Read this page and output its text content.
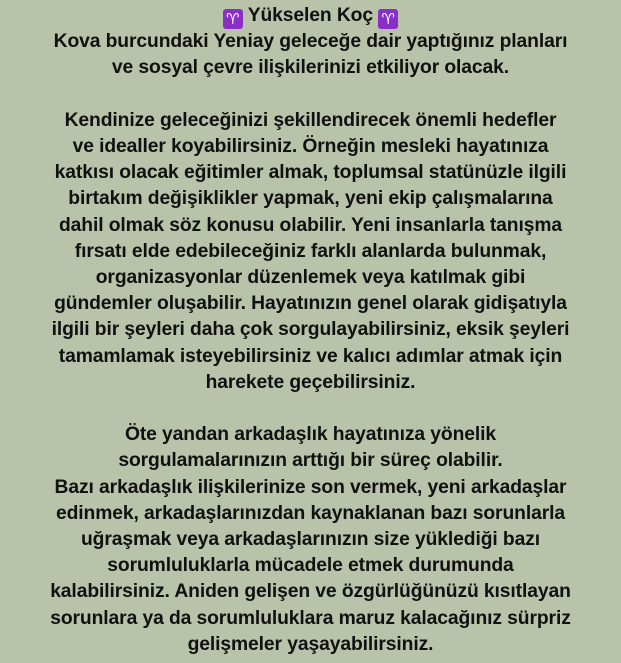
♈ Yükselen Koç ♈
Kova burcundaki Yeniay geleceğe dair yaptığınız planları
ve sosyal çevre ilişkilerinizi etkiliyor olacak.
Kendinize geleceğinizi şekillendirecek önemli hedefler
ve idealler koyabilirsiniz. Örneğin mesleki hayatınıza
katkısı olacak eğitimler almak, toplumsal statünüzle ilgili
birtakım değişiklikler yapmak, yeni ekip çalışmalarına
dahil olmak söz konusu olabilir. Yeni insanlarla tanışma
fırsatı elde edebileceğiniz farklı alanlarda bulunmak,
organizasyonlar düzenlemek veya katılmak gibi
gündemler oluşabilir. Hayatınızın genel olarak gidişatıyla
ilgili bir şeyleri daha çok sorgulayabilirsiniz, eksik şeyleri
tamamlamak isteyebilirsiniz ve kalıcı adımlar atmak için
harekete geçebilirsiniz.
Öte yandan arkadaşlık hayatınıza yönelik
sorgulamalarınızın arttığı bir süreç olabilir.
Bazı arkadaşlık ilişkilerinize son vermek, yeni arkadaşlar
edinmek, arkadaşlarınızdan kaynaklanan bazı sorunlarla
uğraşmak veya arkadaşlarınızın size yüklediği bazı
sorumluluklarla mücadele etmek durumunda
kalabilirsiniz. Aniden gelişen ve özgürlüğünüzü kısıtlayan
sorunlara ya da sorumluluklara maruz kalacağınız sürpriz
gelişmeler yaşayabilirsiniz.
